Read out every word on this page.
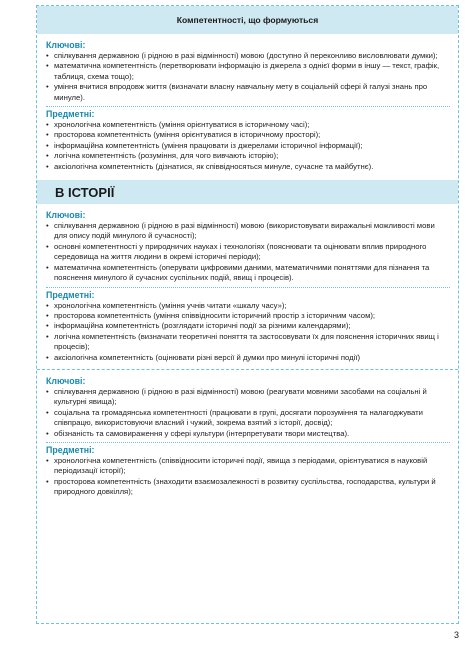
Компетентності, що формуються
Ключові:
• спілкування державною (і рідною в разі відмінності) мовою (доступно й переконливо висловлювати думки);
• математична компетентність (перетворювати інформацію із джерела з однієї форми в іншу — текст, графік, таблиця, схема тощо);
• уміння вчитися впродовж життя (визначати власну навчальну мету в соціальній сфері й галузі знань про минуле).
Предметні:
• хронологічна компетентність (уміння орієнтуватися в історичному часі);
• просторова компетентність (уміння орієнтуватися в історичному просторі);
• інформаційна компетентність (уміння працювати із джерелами історичної інформації);
• логічна компетентність (розуміння, для чого вивчають історію);
• аксіологічна компетентність (дізнатися, як співвідносяться минуле, сучасне та майбутнє).
В ІСТОРІЇ
Ключові:
• спілкування державною (і рідною в разі відмінності) мовою (використовувати виражальні можливості мови для опису подій минулого й сучасності);
• основні компетентності у природничих науках і технологіях (пояснювати та оцінювати вплив природного середовища на життя людини в окремі історичні періоди);
• математична компетентність (оперувати цифровими даними, математичними поняттями для пізнання та пояснення минулого й сучасних суспільних подій, явищ і процесів).
Предметні:
• хронологічна компетентність (уміння учнів читати «шкалу часу»);
• просторова компетентність (уміння співвідносити історичний простір з історичним часом);
• інформаційна компетентність (розглядати історичні події за різними календарями);
• логічна компетентність (визначати теоретичні поняття та застосовувати їх для пояснення історичних явищ і процесів);
• аксіологічна компетентність (оцінювати різні версії й думки про минулі історичні події)
Ключові:
• спілкування державною (і рідною в разі відмінності) мовою (реагувати мовними засобами на соціальні й культурні явища);
• соціальна та громадянська компетентності (працювати в групі, досягати порозуміння та налагоджувати співпрацю, використовуючи власний і чужий, зокрема взятий з історії, досвід);
• обізнаність та самовираження у сфері культури (інтерпретувати твори мистецтва).
Предметні:
• хронологічна компетентність (співвідносити історичні події, явища з періодами, орієнтуватися в науковій періодизації історії);
• просторова компетентність (знаходити взаємозалежності в розвитку суспільства, господарства, культури й природного довкілля);
3
